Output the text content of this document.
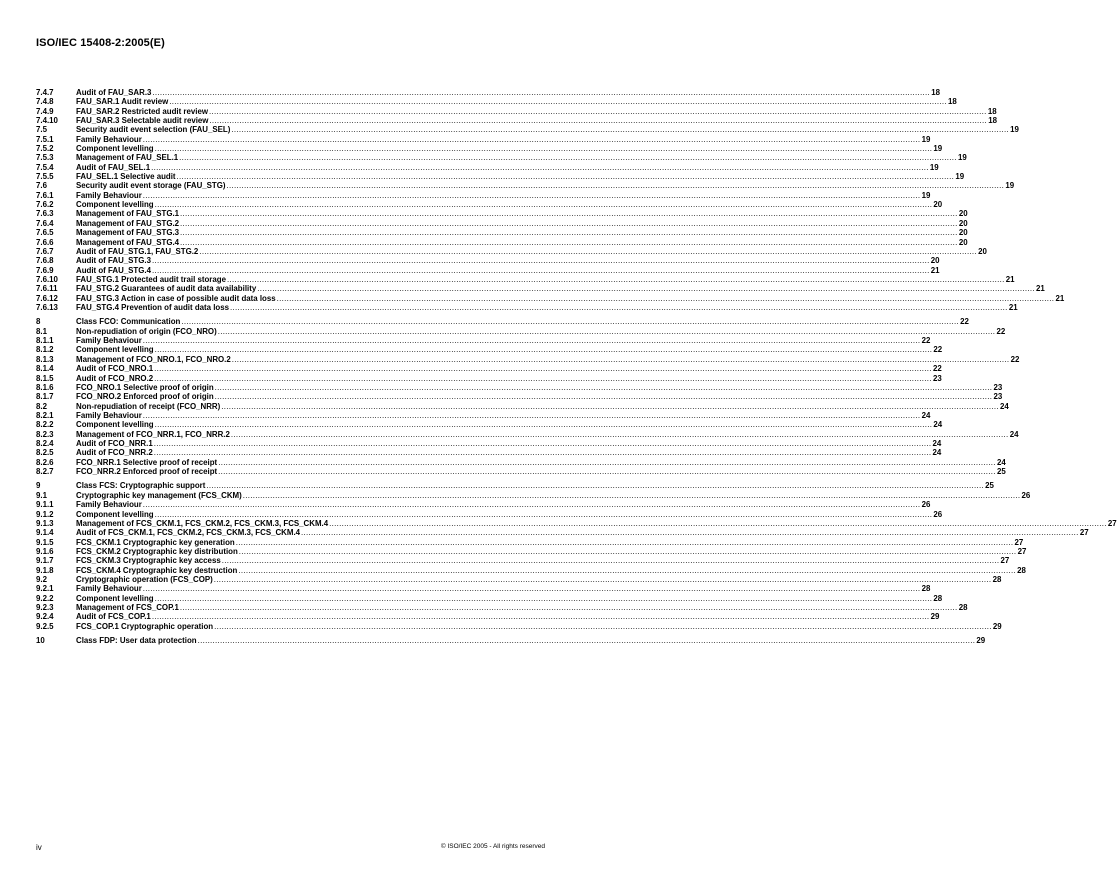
ISO/IEC 15408-2:2005(E)
7.4.7	Audit of FAU_SAR.3 .....	18
7.4.8	FAU_SAR.1 Audit review .....	18
7.4.9	FAU_SAR.2 Restricted audit review .....	18
7.4.10	FAU_SAR.3 Selectable audit review .....	18
7.5	Security audit event selection (FAU_SEL) .....	19
7.5.1	Family Behaviour .....	19
7.5.2	Component levelling .....	19
7.5.3	Management of FAU_SEL.1 .....	19
7.5.4	Audit of FAU_SEL.1 .....	19
7.5.5	FAU_SEL.1 Selective audit .....	19
7.6	Security audit event storage (FAU_STG) .....	19
7.6.1	Family Behaviour .....	19
7.6.2	Component levelling .....	20
7.6.3	Management of FAU_STG.1 .....	20
7.6.4	Management of FAU_STG.2 .....	20
7.6.5	Management of FAU_STG.3 .....	20
7.6.6	Management of FAU_STG.4 .....	20
7.6.7	Audit of FAU_STG.1, FAU_STG.2 .....	20
7.6.8	Audit of FAU_STG.3 .....	20
7.6.9	Audit of FAU_STG.4 .....	21
7.6.10	FAU_STG.1 Protected audit trail storage .....	21
7.6.11	FAU_STG.2 Guarantees of audit data availability .....	21
7.6.12	FAU_STG.3 Action in case of possible audit data loss .....	21
7.6.13	FAU_STG.4 Prevention of audit data loss .....	21
8	Class FCO: Communication .....	22
8.1	Non-repudiation of origin (FCO_NRO) .....	22
8.1.1	Family Behaviour .....	22
8.1.2	Component levelling .....	22
8.1.3	Management of FCO_NRO.1, FCO_NRO.2 .....	22
8.1.4	Audit of FCO_NRO.1 .....	22
8.1.5	Audit of FCO_NRO.2 .....	23
8.1.6	FCO_NRO.1 Selective proof of origin .....	23
8.1.7	FCO_NRO.2 Enforced proof of origin .....	23
8.2	Non-repudiation of receipt (FCO_NRR) .....	24
8.2.1	Family Behaviour .....	24
8.2.2	Component levelling .....	24
8.2.3	Management of FCO_NRR.1, FCO_NRR.2 .....	24
8.2.4	Audit of FCO_NRR.1 .....	24
8.2.5	Audit of FCO_NRR.2 .....	24
8.2.6	FCO_NRR.1 Selective proof of receipt .....	24
8.2.7	FCO_NRR.2 Enforced proof of receipt .....	25
9	Class FCS: Cryptographic support .....	25
9.1	Cryptographic key management (FCS_CKM) .....	26
9.1.1	Family Behaviour .....	26
9.1.2	Component levelling .....	26
9.1.3	Management of FCS_CKM.1, FCS_CKM.2, FCS_CKM.3, FCS_CKM.4 .....	27
9.1.4	Audit of FCS_CKM.1, FCS_CKM.2, FCS_CKM.3, FCS_CKM.4 .....	27
9.1.5	FCS_CKM.1 Cryptographic key generation .....	27
9.1.6	FCS_CKM.2 Cryptographic key distribution .....	27
9.1.7	FCS_CKM.3 Cryptographic key access .....	27
9.1.8	FCS_CKM.4 Cryptographic key destruction .....	28
9.2	Cryptographic operation (FCS_COP) .....	28
9.2.1	Family Behaviour .....	28
9.2.2	Component levelling .....	28
9.2.3	Management of FCS_COP.1 .....	28
9.2.4	Audit of FCS_COP.1 .....	29
9.2.5	FCS_COP.1 Cryptographic operation .....	29
10	Class FDP: User data protection .....	29
iv	© ISO/IEC 2005 - All rights reserved
